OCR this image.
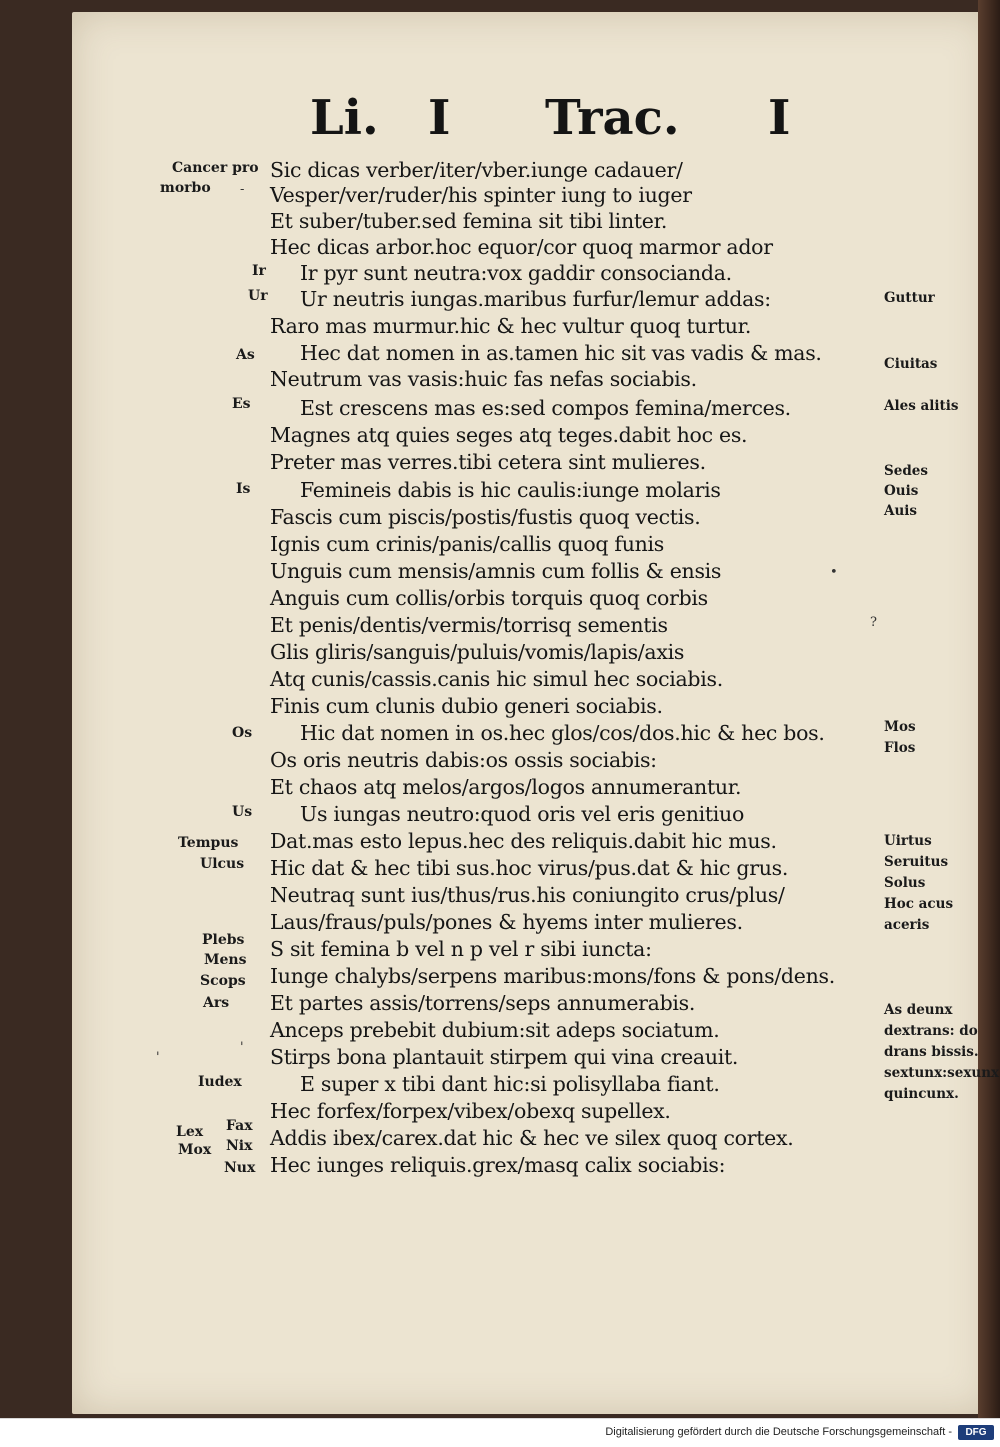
Li. I Trac. I
Sic dicas verber/iter/vber.iunge cadauer/
Vesper/ver/ruder/his spinter iung to iuger
Et suber/tuber.sed femina sit tibi linter.
Hec dicas arbor.hoc equor/cor quoq marmor ador
Ir pyr sunt neutra:vox gaddir consocianda.
Ur neutris iungas.maribus furfur/lemur addas:
Raro mas murmur.hic & hec vultur quoq turtur.
Hec dat nomen in as.tamen hic sit vas vadis & mas.
Neutrum vas vasis:huic fas nefas sociabis.
Est crescens mas es:sed compos femina/merces.
Magnes atq quies seges atq teges.dabit hoc es.
Preter mas verres.tibi cetera sint mulieres.
Femineis dabis is hic caulis:iunge molaris
Fascis cum piscis/postis/fustis quoq vectis.
Ignis cum crinis/panis/callis quoq funis
Unguis cum mensis/amnis cum follis & ensis
Anguis cum collis/orbis torquis quoq corbis
Et penis/dentis/vermis/torrisq sementis
Glis gliris/sanguis/puluis/vomis/lapis/axis
Atq cunis/cassis.canis hic simul hec sociabis.
Finis cum clunis dubio generi sociabis.
Hic dat nomen in os.hec glos/cos/dos.hic & hec bos.
Os oris neutris dabis:os ossis sociabis:
Et chaos atq melos/argos/logos annumerantur.
Us iungas neutro:quod oris vel eris genitiuo
Dat.mas esto lepus.hec des reliquis.dabit hic mus.
Hic dat & hec tibi sus.hoc virus/pus.dat & hic grus.
Neutraq sunt ius/thus/rus.his coniungito crus/plus/
Laus/fraus/puls/pones & hyems inter mulieres.
S sit femina b vel n p vel r sibi iuncta:
Iunge chalybs/serpens maribus:mons/fons & pons/dens.
Et partes assis/torrens/seps annumerabis.
Anceps prebebit dubium:sit adeps sociatum.
Stirps bona plantauit stirpem qui vina creauit.
E super x tibi dant hic:si polisyllaba fiant.
Hec forfex/forpex/vibex/obexq supellex.
Addis ibex/carex.dat hic & hec ve silex quoq cortex.
Hec iunges reliquis.grex/masq calix sociabis:
Cancer pro
morbo
Ir
Ur
As
Es
Is
Os
Us
Tempus
Ulcus
Plebs
Mens
Scops
Ars
Iudex
Lex Fax
Mox Nix
Nux
Guttur
Ciuitas
Ales alitis
Sedes
Ouis
Auis
Mos
Flos
Uirtus
Seruitus
Solus
Hoc acus
aceris
As deunx
dextrans: do
drans bissis.
sextunx:sexunx
quincunx.
-
•
?
'
'
Digitalisierung gefördert durch die Deutsche Forschungsgemeinschaft -	DFG
